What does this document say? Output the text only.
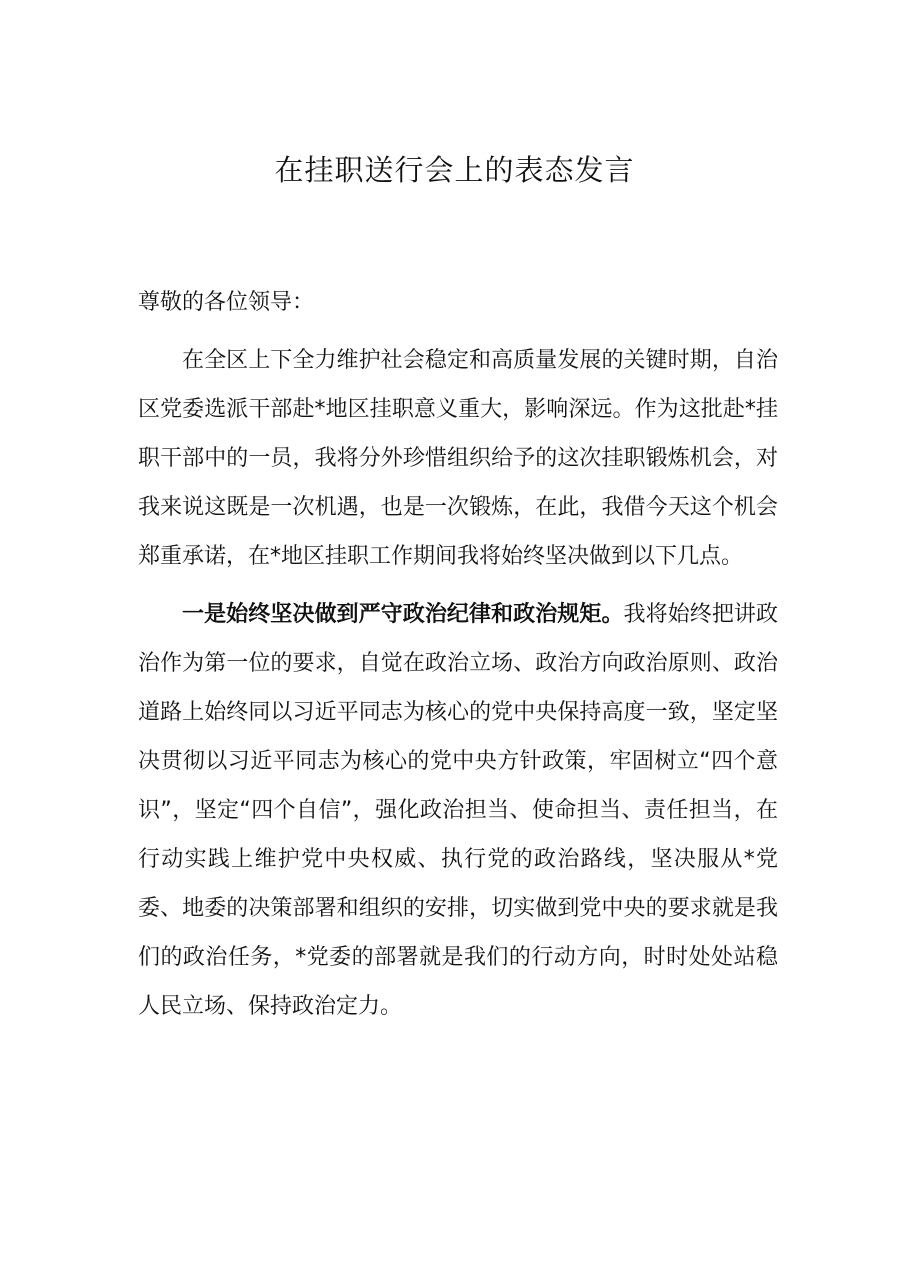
在挂职送行会上的表态发言

尊敬的各位领导：

在全区上下全力维护社会稳定和高质量发展的关键时期，自治区党委选派干部赴*地区挂职意义重大，影响深远。作为这批赴*挂职干部中的一员，我将分外珍惜组织给予的这次挂职锻炼机会，对我来说这既是一次机遇，也是一次锻炼，在此，我借今天这个机会郑重承诺，在*地区挂职工作期间我将始终坚决做到以下几点。

一是始终坚决做到严守政治纪律和政治规矩。我将始终把讲政治作为第一位的要求，自觉在政治立场、政治方向政治原则、政治道路上始终同以习近平同志为核心的党中央保持高度一致，坚定坚决贯彻以习近平同志为核心的党中央方针政策，牢固树立“四个意识”，坚定“四个自信”，强化政治担当、使命担当、责任担当，在行动实践上维护党中央权威、执行党的政治路线，坚决服从*党委、地委的决策部署和组织的安排，切实做到党中央的要求就是我们的政治任务，*党委的部署就是我们的行动方向，时时处处站稳人民立场、保持政治定力。
